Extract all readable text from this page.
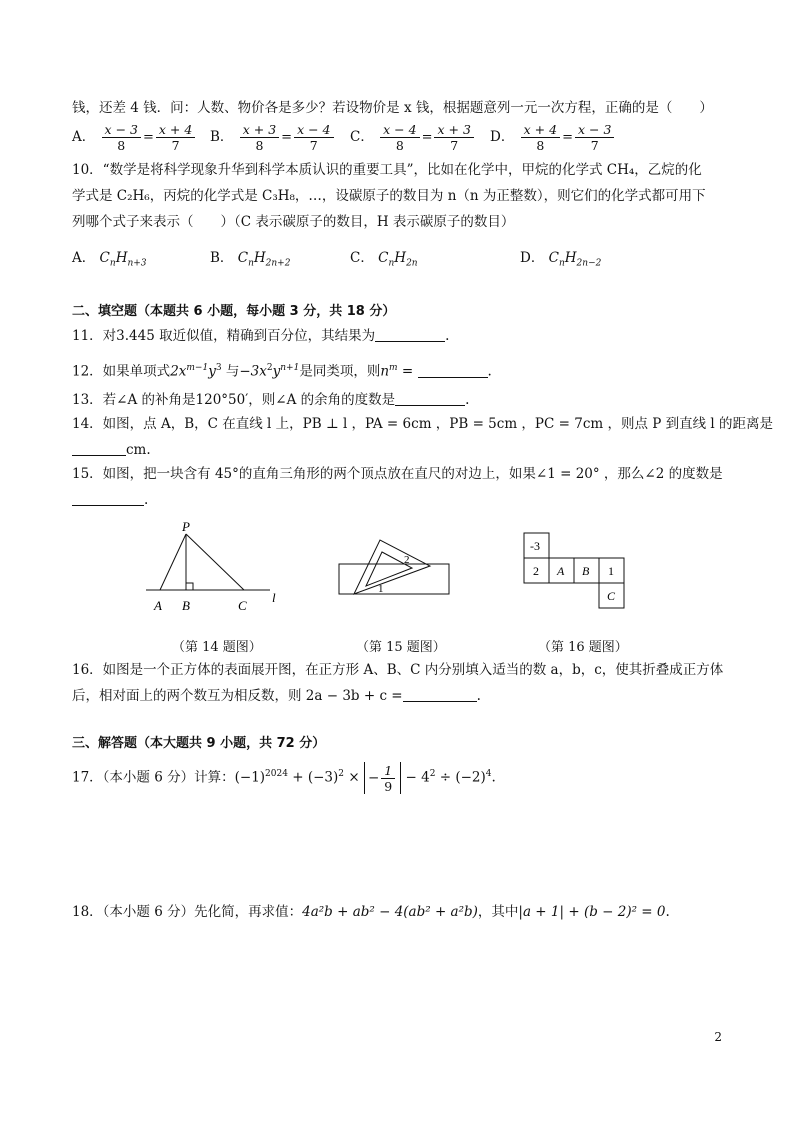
钱，还差 4 钱．问：人数、物价各是多少？若设物价是 x 钱，根据题意列一元一次方程，正确的是（　　）
A． $\frac{x - 3}{8} = \frac{x + 4}{7}$ B． $\frac{x + 3}{8} = \frac{x - 4}{7}$ C． $\frac{x - 4}{8} = \frac{x + 3}{7}$ D． $\frac{x + 4}{8} = \frac{x - 3}{7}$
10．“数学是将科学现象升华到科学本质认识的重要工具”，比如在化学中，甲烷的化学式 CH₄，乙烷的化
学式是 C₂H₆，丙烷的化学式是 C₃H₈，…，设碳原子的数目为 n（n 为正整数），则它们的化学式都可用下
列哪个式子来表示（　　）（C 表示碳原子的数目，H 表示碳原子的数目）
A． $C_nH_{n+3}$	B． $C_nH_{2n+2}$	C． $C_nH_{2n}$	D． $C_nH_{2n-2}$
二、填空题（本题共 6 小题，每小题 3 分，共 18 分）
11．对3.445 取近似值，精确到百分位，其结果为	.
12．如果单项式$2x^{m-1}y^3$ 与$-3x^2y^{n+1}$是同类项，则$n^m$ =	.
13．若∠A 的补角是120°50′，则∠A 的余角的度数是	.
14．如图，点 A，B，C 在直线 l 上，PB ⊥ l ，PA = 6cm ，PB = 5cm ，PC = 7cm ，则点 P 到直线 l 的距离是
cm.
15．如图，把一块含有 45°的直角三角形的两个顶点放在直尺的对边上，如果∠1 = 20° ，那么∠2 的度数是
.
P
A B	C
l
（第 14 题图）
1
2
（第 15 题图）
-3
2 A B 1
C
（第 16 题图）
16．如图是一个正方体的表面展开图，在正方形 A、B、C 内分别填入适当的数 a，b，c，使其折叠成正方体
后，相对面上的两个数互为相反数，则 2a − 3b + c =	.
三、解答题（本大题共 9 小题，共 72 分）
17．（本小题 6 分）计算：$(-1)^{2024} + (-3)^2$ × − $\frac{1}{9} - 4^2 \div (-2)^4$.
18．（本小题 6 分）先化简，再求值：4a²b + ab² − 4(ab² + a²b)，其中|a + 1| + (b − 2)² = 0.
2
